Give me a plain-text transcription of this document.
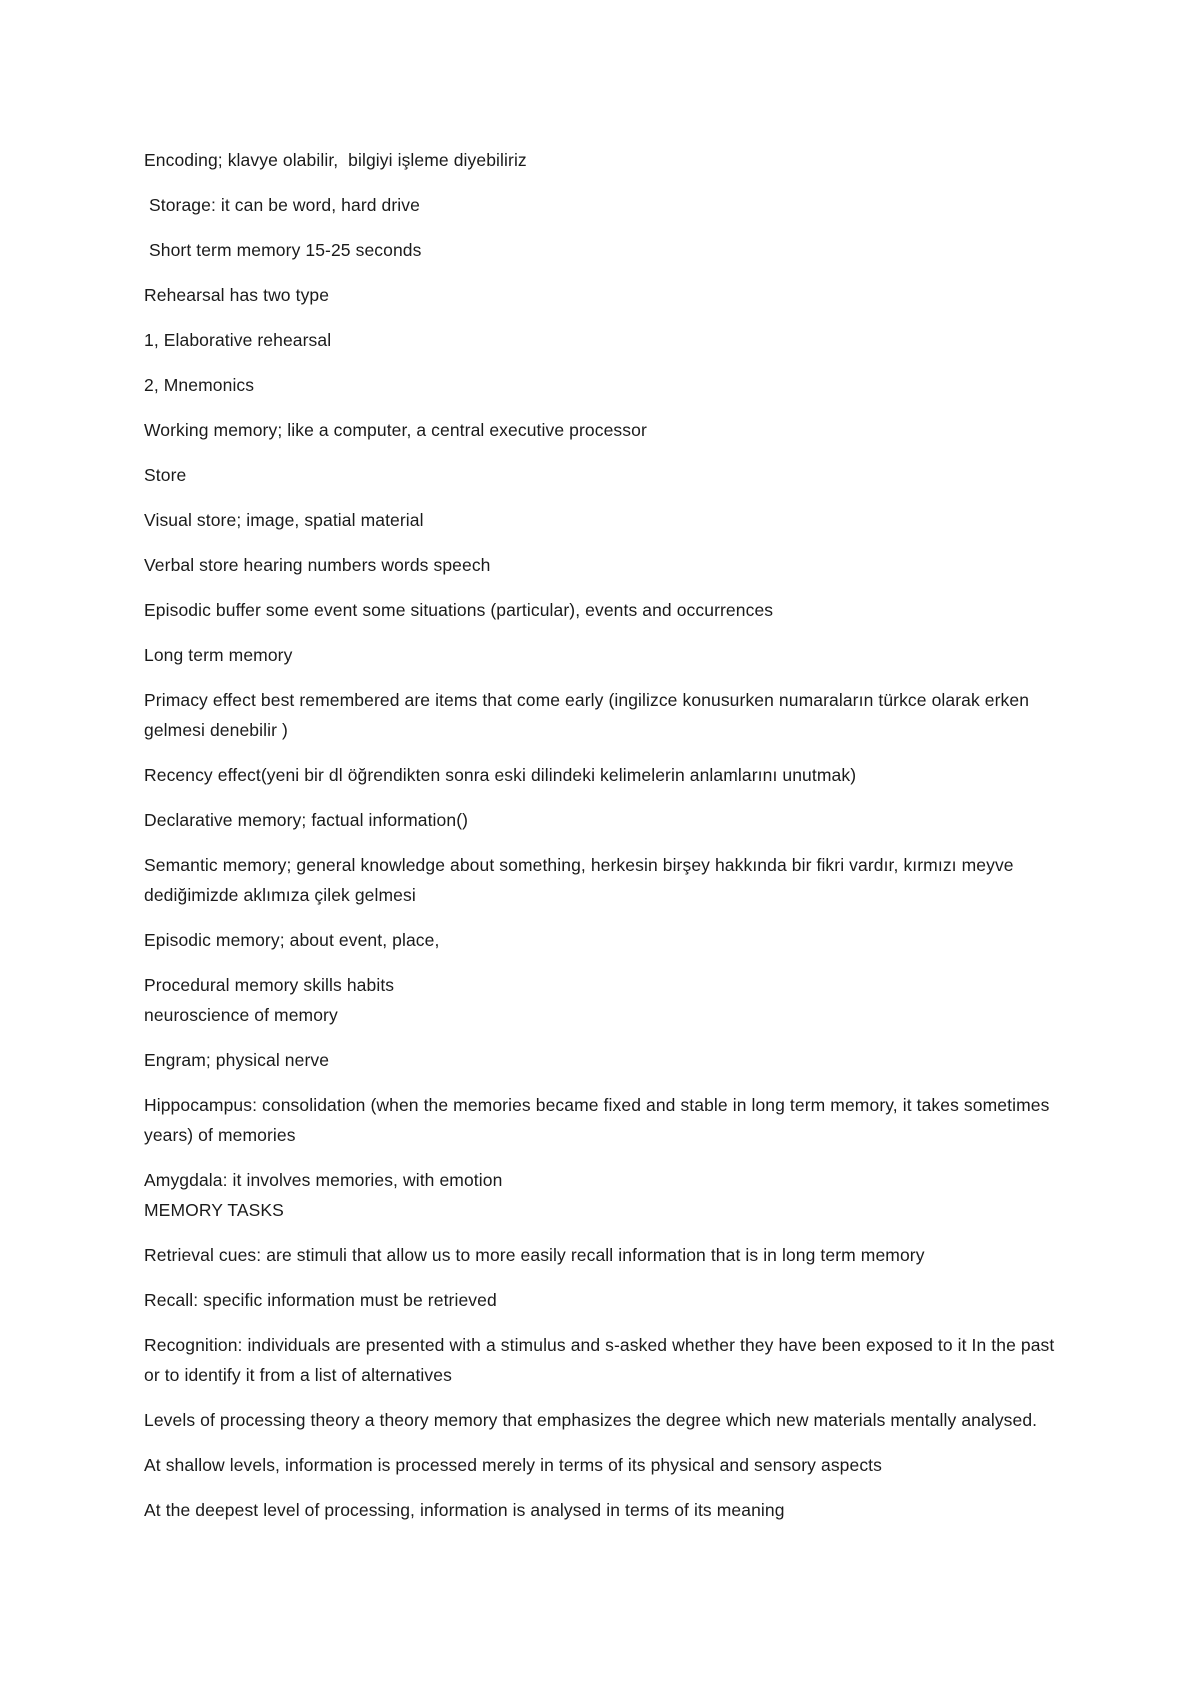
Encoding; klavye olabilir,  bilgiyi işleme diyebiliriz

Storage: it can be word, hard drive

Short term memory 15-25 seconds

Rehearsal has two type

1, Elaborative rehearsal

2, Mnemonics

Working memory; like a computer, a central executive processor

Store

Visual store; image, spatial material

Verbal store hearing numbers words speech

Episodic buffer some event some situations (particular), events and occurrences

Long term memory

Primacy effect best remembered are items that come early (ingilizce konusurken numaraların türkce olarak erken gelmesi denebilir )

Recency effect(yeni bir dl öğrendikten sonra eski dilindeki kelimelerin anlamlarını unutmak)

Declarative memory; factual information()

Semantic memory; general knowledge about something, herkesin birşey hakkında bir fikri vardır, kırmızı meyve dediğimizde aklımıza çilek gelmesi

Episodic memory; about event, place,

Procedural memory skills habits

neuroscience of memory

Engram; physical nerve

Hippocampus: consolidation (when the memories became fixed and stable in long term memory, it takes sometimes years) of memories

Amygdala: it involves memories, with emotion

MEMORY TASKS

Retrieval cues: are stimuli that allow us to more easily recall information that is in long term memory

Recall: specific information must be retrieved

Recognition: individuals are presented with a stimulus and s-asked whether they have been exposed to it In the past or to identify it from a list of alternatives

Levels of processing theory a theory memory that emphasizes the degree which new materials mentally analysed.

At shallow levels, information is processed merely in terms of its physical and sensory aspects

At the deepest level of processing, information is analysed in terms of its meaning
